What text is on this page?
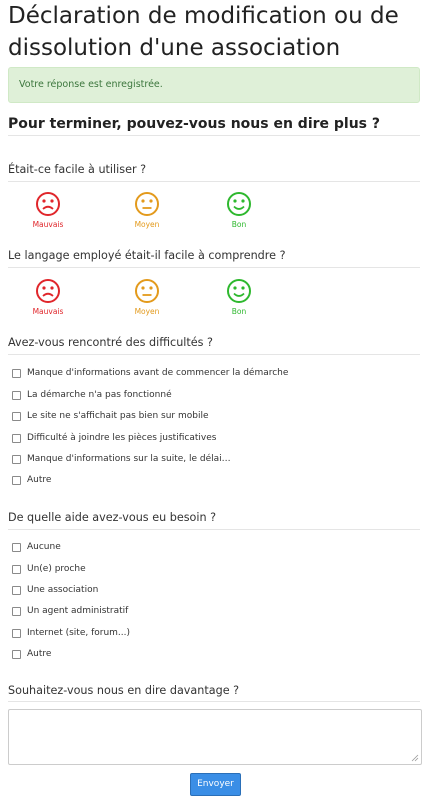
Déclaration de modification ou de dissolution d'une association
Votre réponse est enregistrée.
Pour terminer, pouvez-vous nous en dire plus ?
Était-ce facile à utiliser ?
Mauvais	Moyen	Bon
Le langage employé était-il facile à comprendre ?
Mauvais	Moyen	Bon
Avez-vous rencontré des difficultés ?
Manque d'informations avant de commencer la démarche
La démarche n'a pas fonctionné
Le site ne s'affichait pas bien sur mobile
Difficulté à joindre les pièces justificatives
Manque d'informations sur la suite, le délai…
Autre
De quelle aide avez-vous eu besoin ?
Aucune
Un(e) proche
Une association
Un agent administratif
Internet (site, forum...)
Autre
Souhaitez-vous nous en dire davantage ?
Envoyer
